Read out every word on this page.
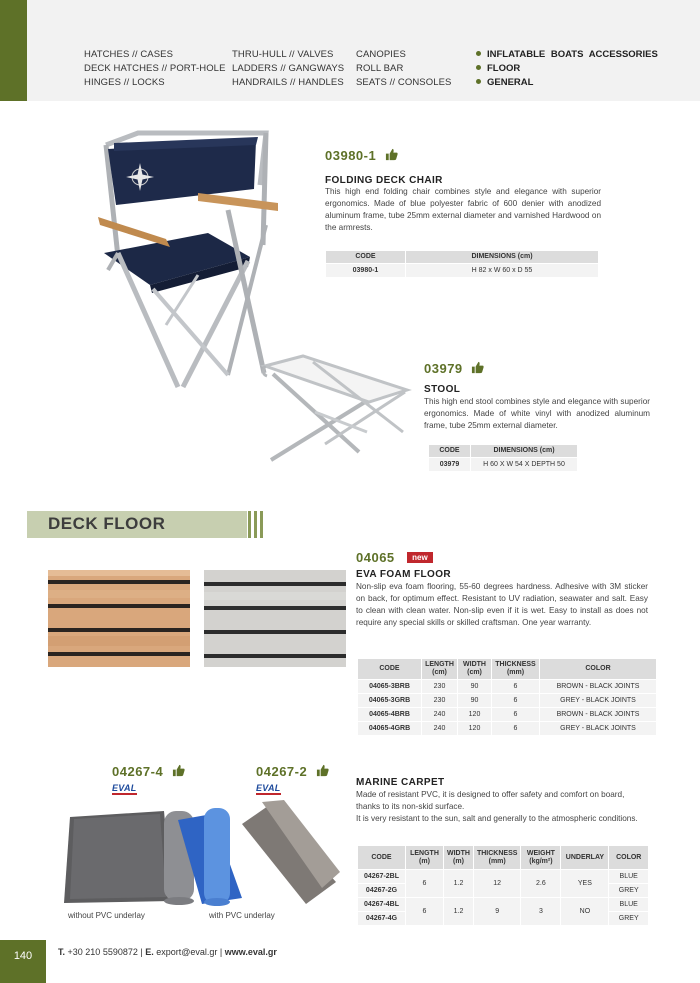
HATCHES // CASES
DECK HATCHES // PORT-HOLE
HINGES // LOCKS
THRU-HULL // VALVES
LADDERS // GANGWAYS
HANDRAILS // HANDLES
CANOPIES
ROLL BAR
SEATS // CONSOLES
INFLATABLE BOATS ACCESSORIES
FLOOR
GENERAL
03980-1
FOLDING DECK CHAIR
This high end folding chair combines style and elegance with superior ergonomics. Made of blue polyester fabric of 600 denier with anodized aluminum frame, tube 25mm external diameter and varnished Hardwood on the armrests.
CODE	DIMENSIONS (cm)
03980-1	H 82 x W 60 x D 55
03979
STOOL
This high end stool combines style and elegance with superior ergonomics. Made of white vinyl with anodized aluminum frame, tube 25mm external diameter.
CODE	DIMENSIONS (cm)
03979	H 60 X W 54 X DEPTH 50
DECK FLOOR
04065 new
EVA FOAM FLOOR
Non-slip eva foam flooring, 55-60 degrees hardness. Adhesive with 3M sticker on back, for optimum effect. Resistant to UV radiation, seawater and salt. Easy to clean with clean water. Non-slip even if it is wet. Easy to install as does not require any special skills or skilled craftsman. One year warranty.
CODE	LENGTH (cm)	WIDTH (cm)	THICKNESS (mm)	COLOR
04065-3BRB	230	90	6	BROWN - BLACK JOINTS
04065-3GRB	230	90	6	GREY - BLACK JOINTS
04065-4BRB	240	120	6	BROWN - BLACK JOINTS
04065-4GRB	240	120	6	GREY - BLACK JOINTS
04267-4	04267-2
EVAL	EVAL
without PVC underlay	with PVC underlay
MARINE CARPET
Made of resistant PVC, it is designed to offer safety and comfort on board, thanks to its non-skid surface.
It is very resistant to the sun, salt and generally to the atmospheric conditions.
CODE	LENGTH (m)	WIDTH (m)	THICKNESS (mm)	WEIGHT (kg/m²)	UNDERLAY	COLOR
04267-2BL	6	1.2	12	2.6	YES	BLUE
04267-2G						GREY
04267-4BL	6	1.2	9	3	NO	BLUE
04267-4G						GREY
140	T. +30 210 5590872 | E. export@eval.gr | www.eval.gr
